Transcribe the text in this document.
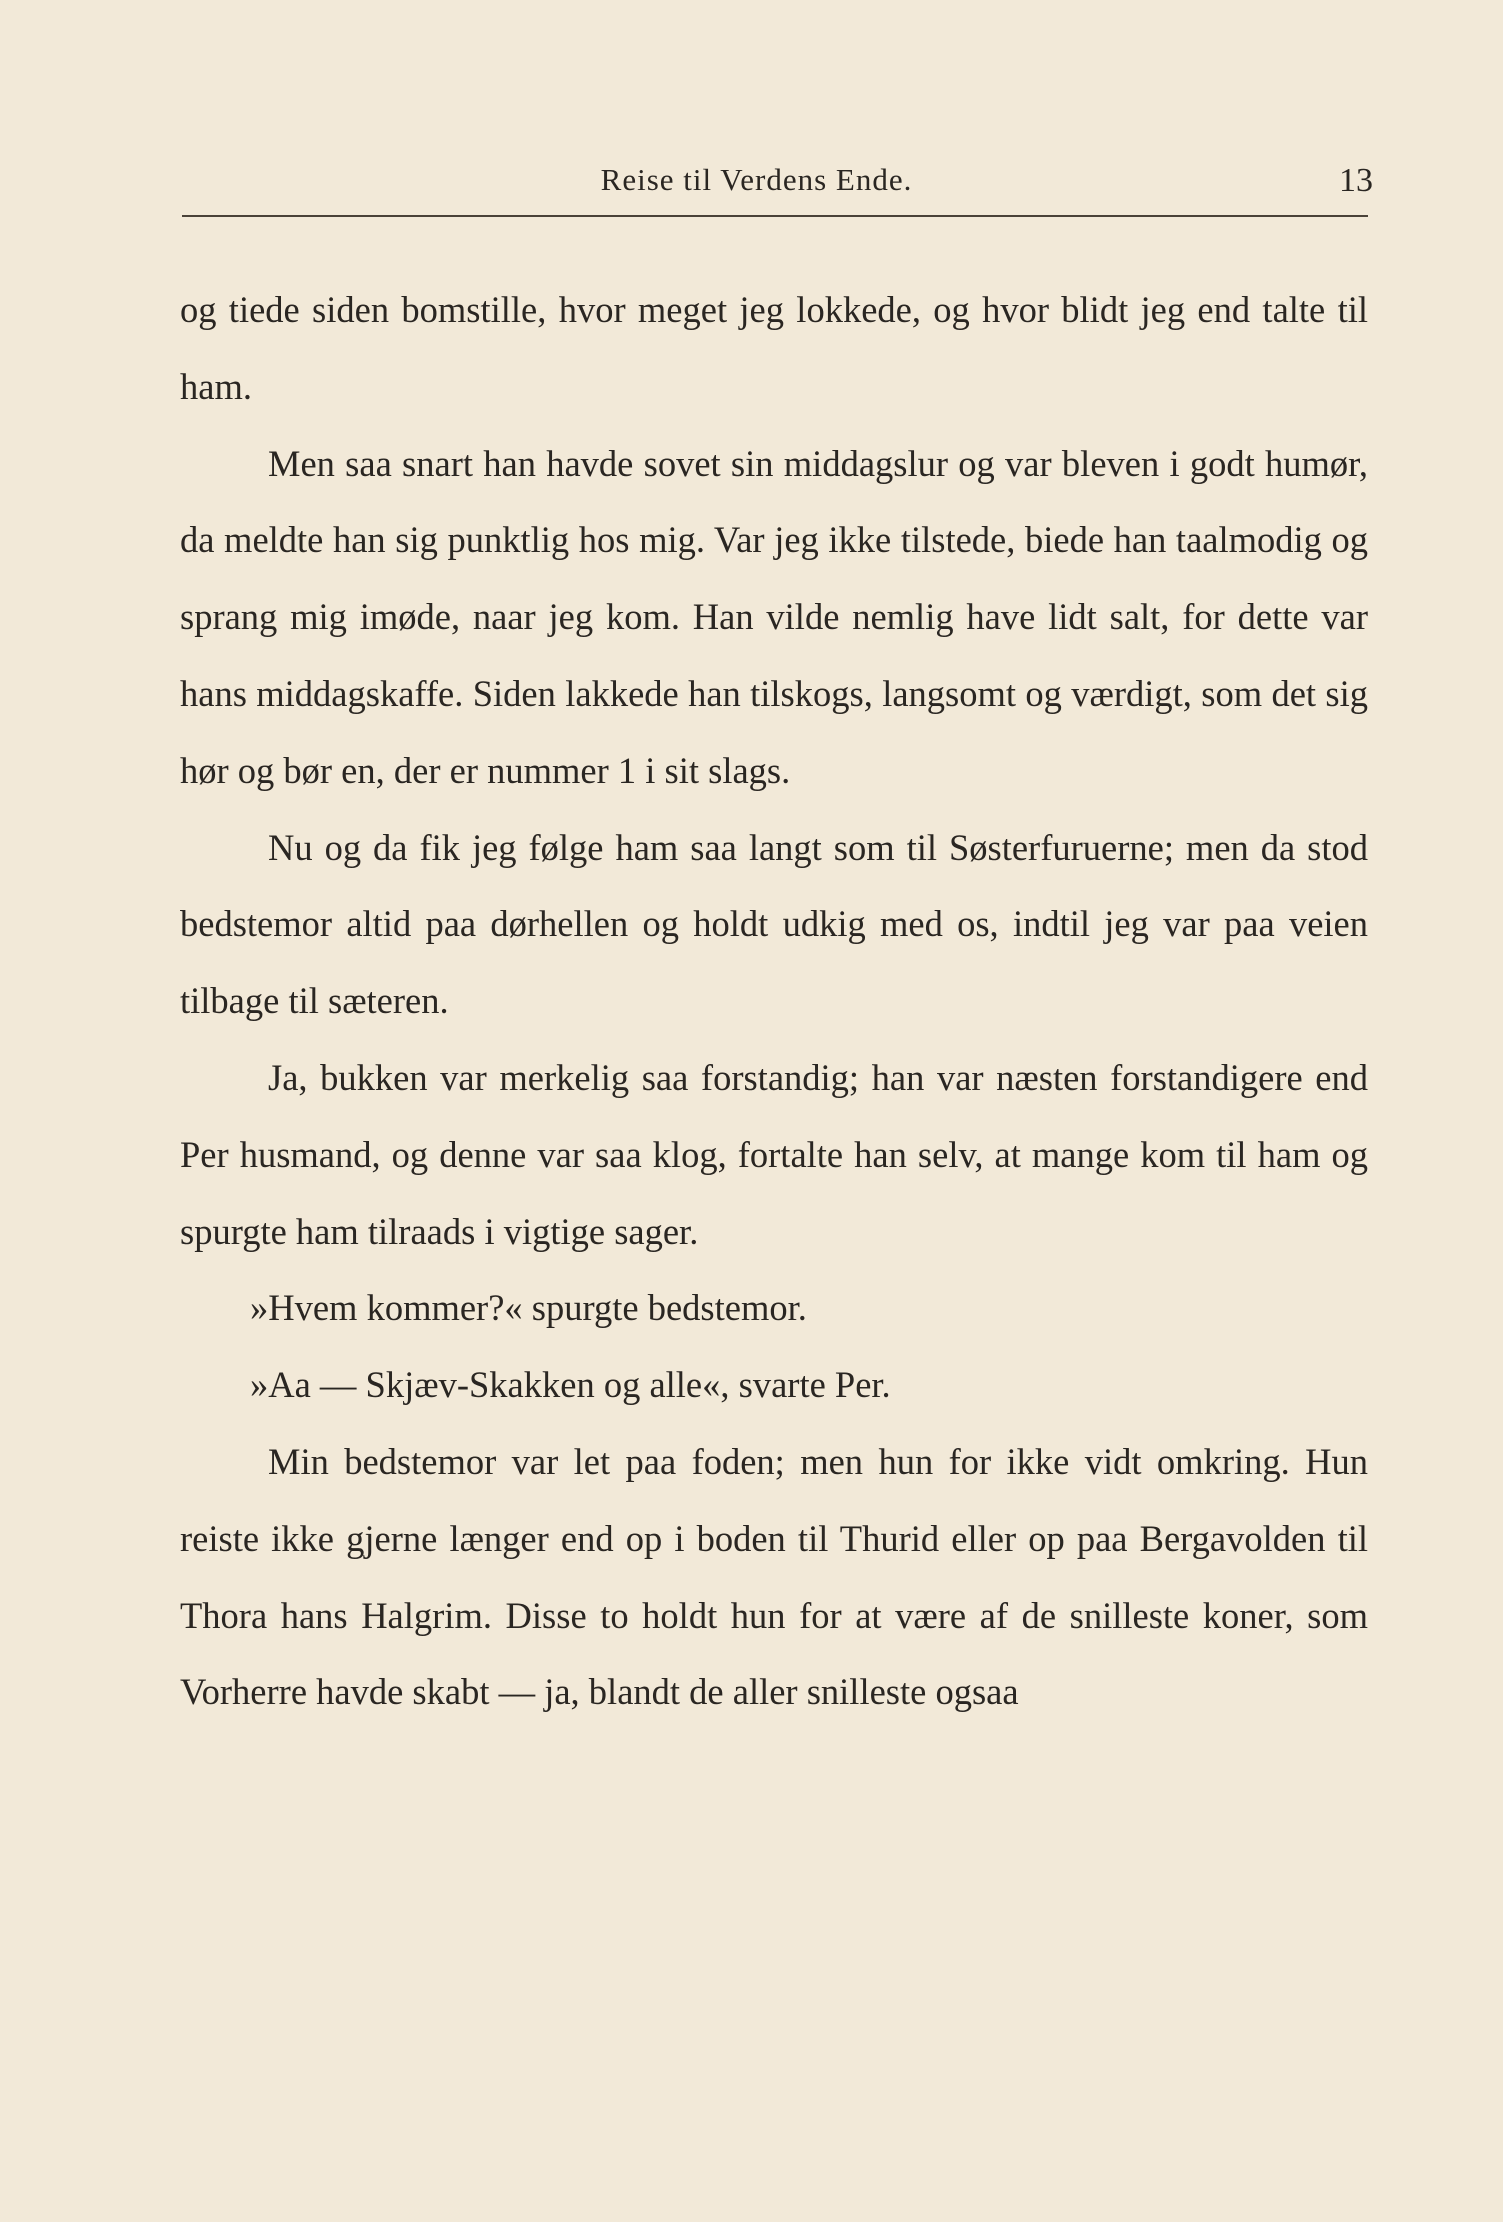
Reise til Verdens Ende.	13

og tiede siden bomstille, hvor meget jeg lokkede, og hvor blidt jeg end talte til ham.

Men saa snart han havde sovet sin middagslur og var bleven i godt humør, da meldte han sig punktlig hos mig. Var jeg ikke tilstede, biede han taalmodig og sprang mig imøde, naar jeg kom. Han vilde nemlig have lidt salt, for dette var hans middagskaffe. Siden lakkede han tilskogs, langsomt og værdigt, som det sig hør og bør en, der er nummer 1 i sit slags.

Nu og da fik jeg følge ham saa langt som til Søsterfuruerne; men da stod bedstemor altid paa dørhellen og holdt udkig med os, indtil jeg var paa veien tilbage til sæteren.

Ja, bukken var merkelig saa forstandig; han var næsten forstandigere end Per husmand, og denne var saa klog, fortalte han selv, at mange kom til ham og spurgte ham tilraads i vigtige sager.

»Hvem kommer?« spurgte bedstemor.

»Aa — Skjæv-Skakken og alle«, svarte Per.

Min bedstemor var let paa foden; men hun for ikke vidt omkring. Hun reiste ikke gjerne længer end op i boden til Thurid eller op paa Bergavolden til Thora hans Halgrim. Disse to holdt hun for at være af de snilleste koner, som Vorherre havde skabt — ja, blandt de aller snilleste ogsaa
